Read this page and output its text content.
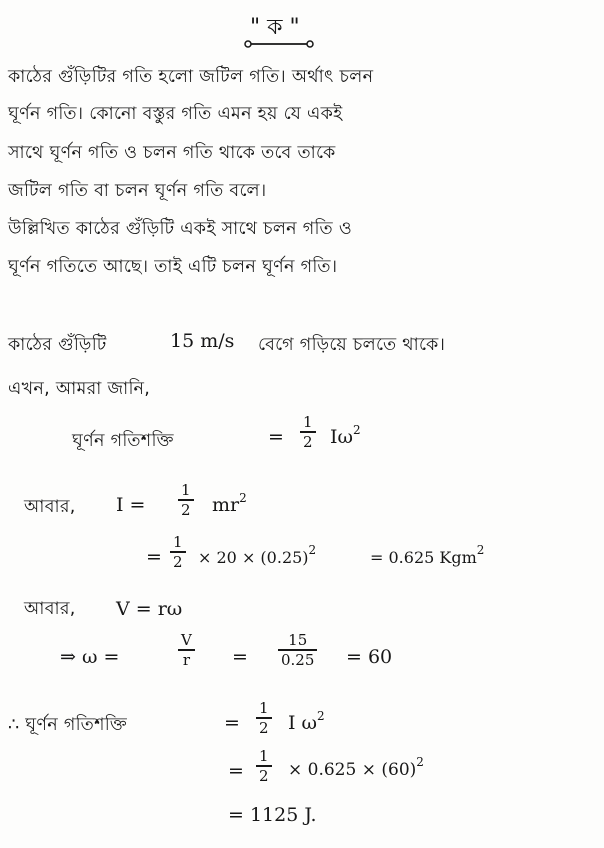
" ক "
কাঠের গুঁড়িটির গতি হলো জটিল গতি। অর্থাৎ চলন
ঘূর্ণন গতি। কোনো বস্তুর গতি এমন হয় যে একই
সাথে ঘূর্ণন গতি ও চলন গতি থাকে তবে তাকে
জটিল গতি বা চলন ঘূর্ণন গতি বলে।
উল্লিখিত কাঠের গুঁড়িটি একই সাথে চলন গতি ও
ঘূর্ণন গতিতে আছে। তাই এটি চলন ঘূর্ণন গতি।
কাঠের গুঁড়িটি	15 m/s বেগে গড়িয়ে চলতে থাকে।
এখন, আমরা জানি,
ঘূর্ণন গতিশক্তি	=
1
2 $I\omega^2$
আবার, I =
1
2 $mr^2$
=
1
$2 \times 20 \times (0.25)^2$	= 0.625 Kgm$^2$
আবার, V = rω
⇒ ω =
V
r =
15
0.25 = 60
∴ ঘূর্ণন গতিশক্তি	=
1
2 I $\omega^2$
=
1
$2 \times 0.625 \times (60)^2$
= 1125 J.
